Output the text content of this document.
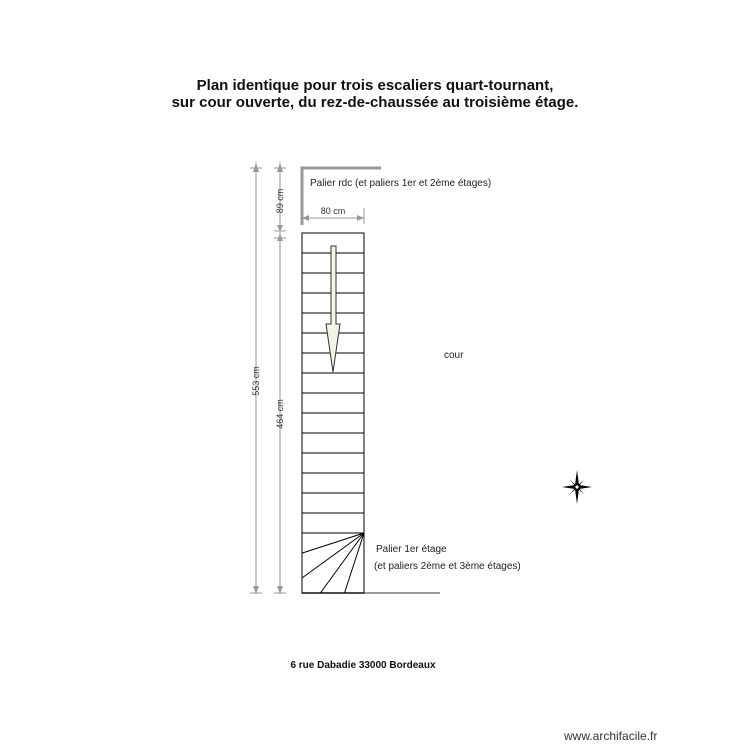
Plan identique pour trois escaliers quart-tournant,
sur cour ouverte, du rez-de-chaussée au troisième étage.
553 cm
89 cm
464 cm
80 cm
Palier rdc (et paliers 1er et 2ème étages)
cour
Palier 1er étage
(et paliers 2ème et 3ème étages)
6 rue Dabadie 33000 Bordeaux
www.archifacile.fr
